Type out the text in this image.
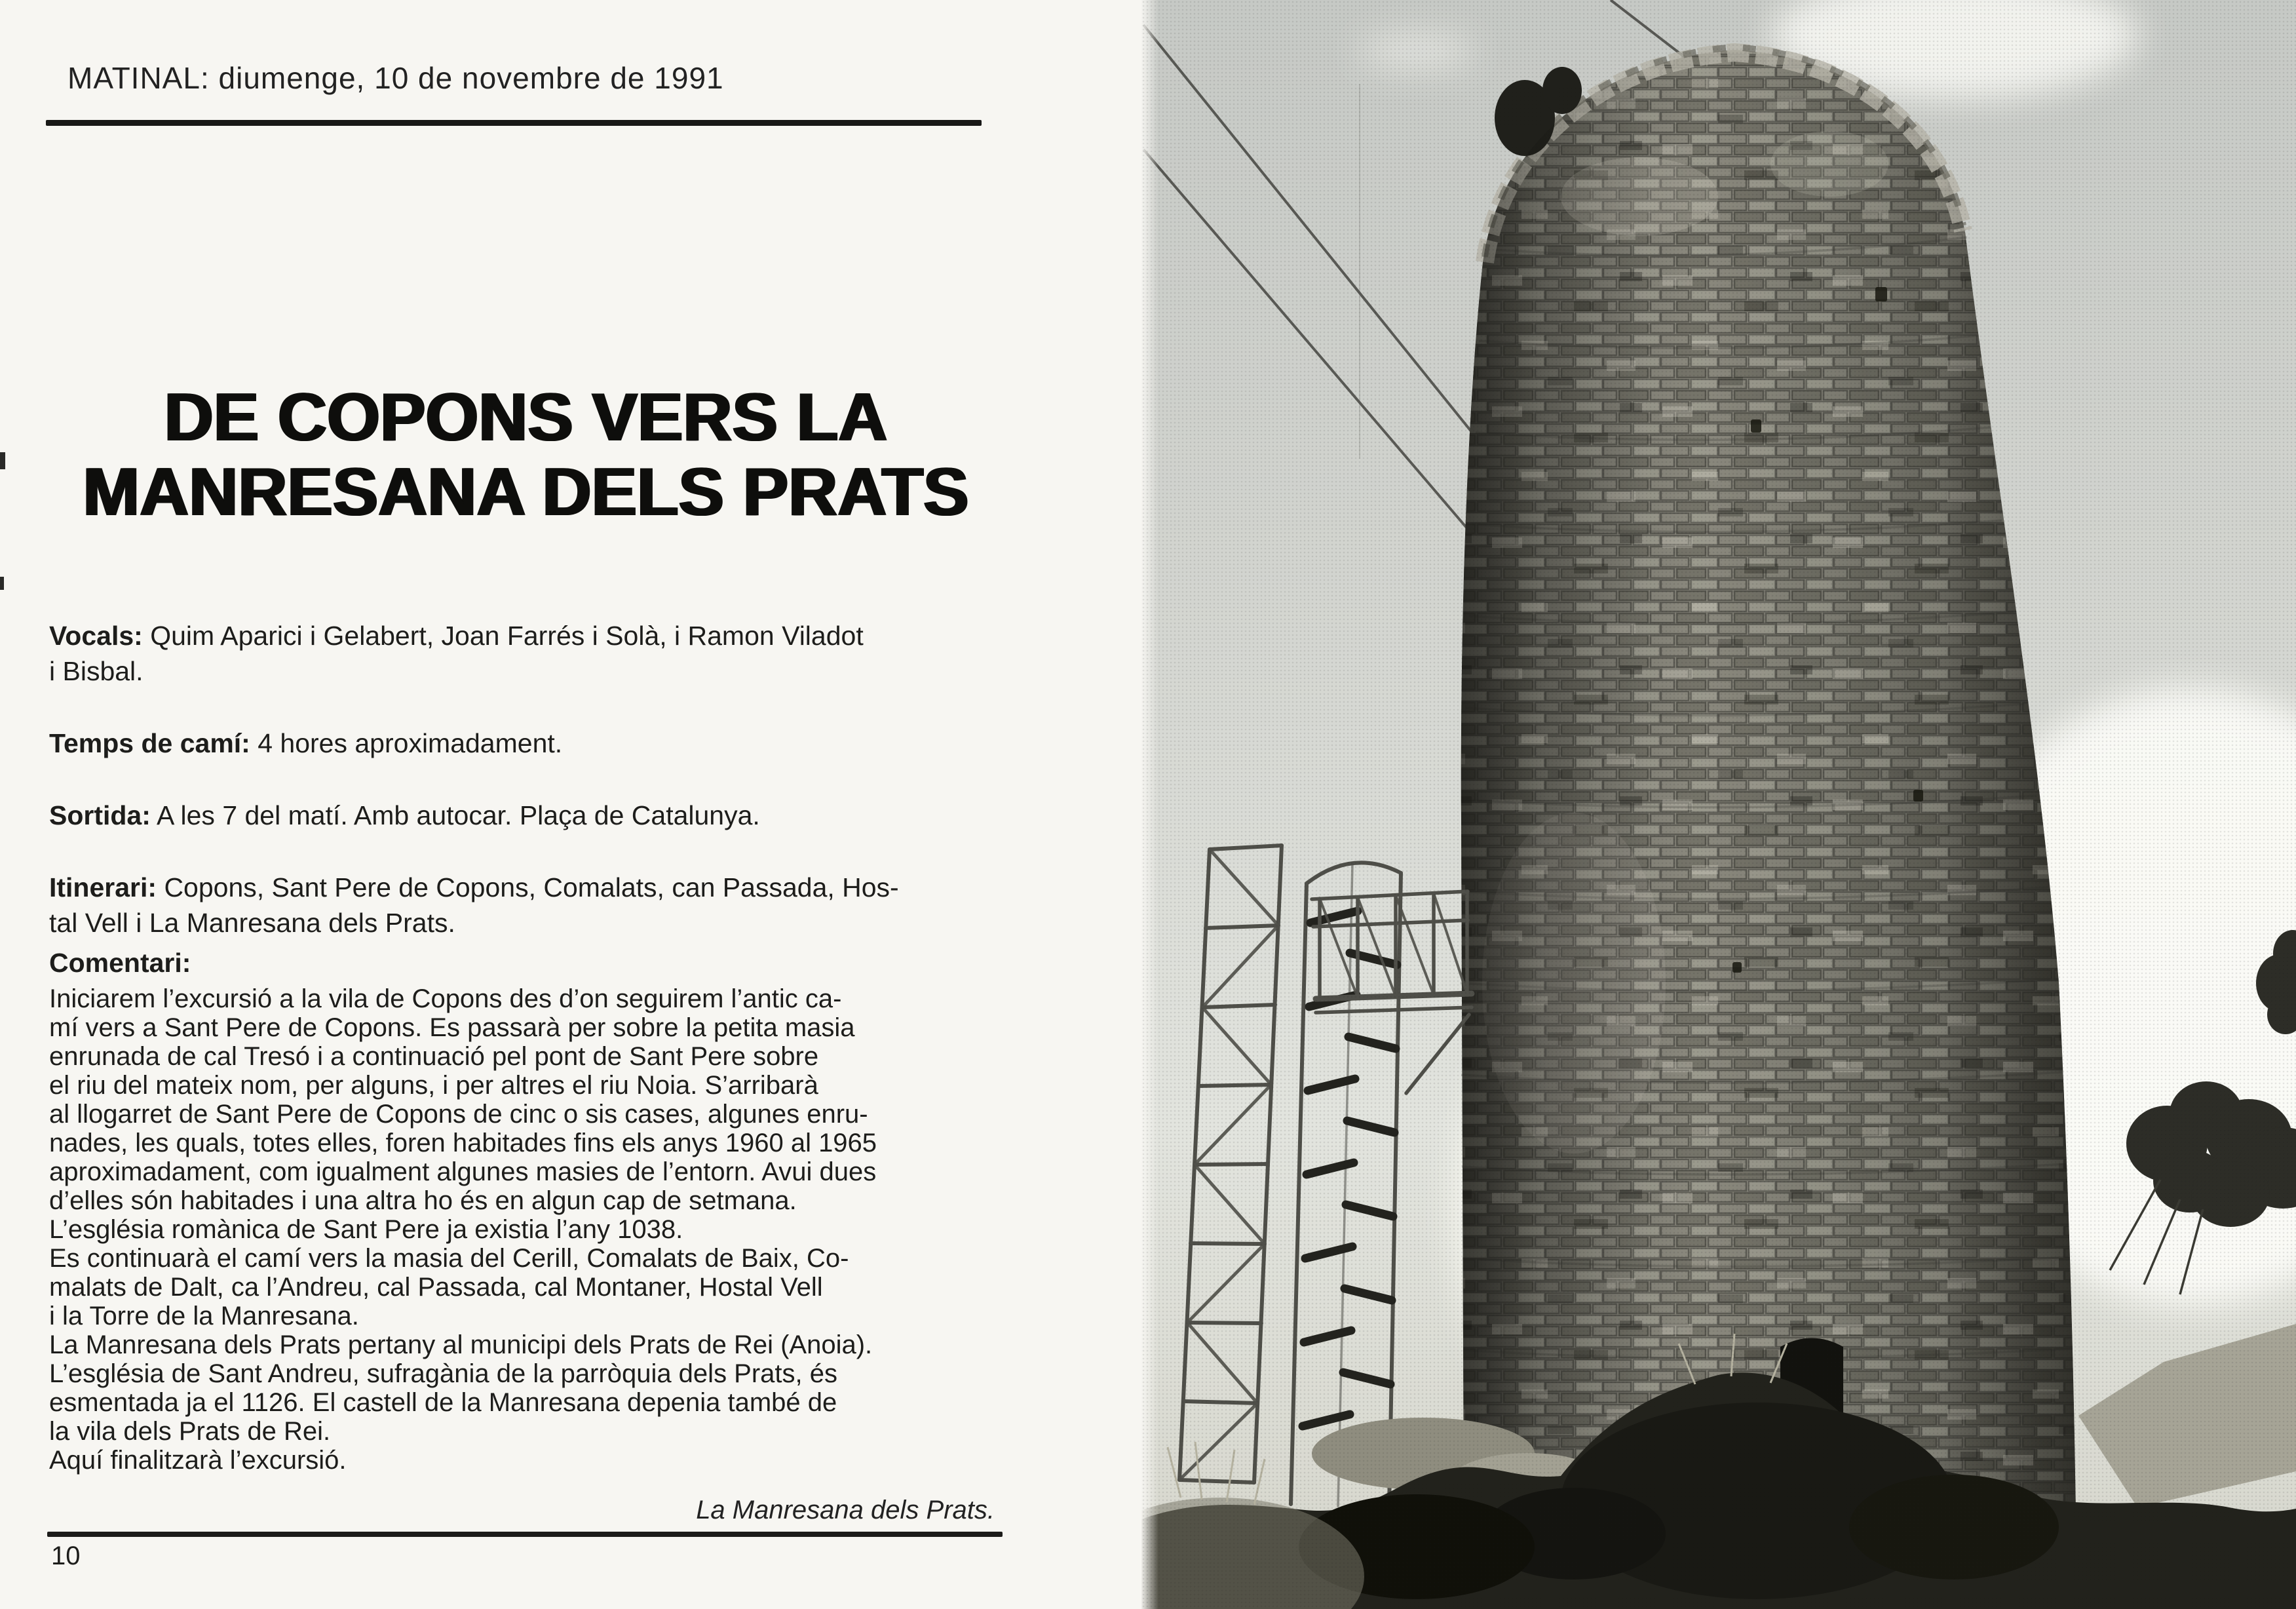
MATINAL: diumenge, 10 de novembre de 1991
DE COPONS VERS LA
MANRESANA DELS PRATS
Vocals: Quim Aparici i Gelabert, Joan Farrés i Solà, i Ramon Viladot
i Bisbal.
Temps de camí: 4 hores aproximadament.
Sortida: A les 7 del matí. Amb autocar. Plaça de Catalunya.
Itinerari: Copons, Sant Pere de Copons, Comalats, can Passada, Hos-
tal Vell i La Manresana dels Prats.
Comentari:
Iniciarem l’excursió a la vila de Copons des d’on seguirem l’antic ca-
mí vers a Sant Pere de Copons. Es passarà per sobre la petita masia
enrunada de cal Tresó i a continuació pel pont de Sant Pere sobre
el riu del mateix nom, per alguns, i per altres el riu Noia. S’arribarà
al llogarret de Sant Pere de Copons de cinc o sis cases, algunes enru-
nades, les quals, totes elles, foren habitades fins els anys 1960 al 1965
aproximadament, com igualment algunes masies de l’entorn. Avui dues
d’elles són habitades i una altra ho és en algun cap de setmana.
L’església romànica de Sant Pere ja existia l’any 1038.
Es continuarà el camí vers la masia del Cerill, Comalats de Baix, Co-
malats de Dalt, ca l’Andreu, cal Passada, cal Montaner, Hostal Vell
i la Torre de la Manresana.
La Manresana dels Prats pertany al municipi dels Prats de Rei (Anoia).
L’església de Sant Andreu, sufragània de la parròquia dels Prats, és
esmentada ja el 1126. El castell de la Manresana depenia també de
la vila dels Prats de Rei.
Aquí finalitzarà l’excursió.
La Manresana dels Prats.
10
